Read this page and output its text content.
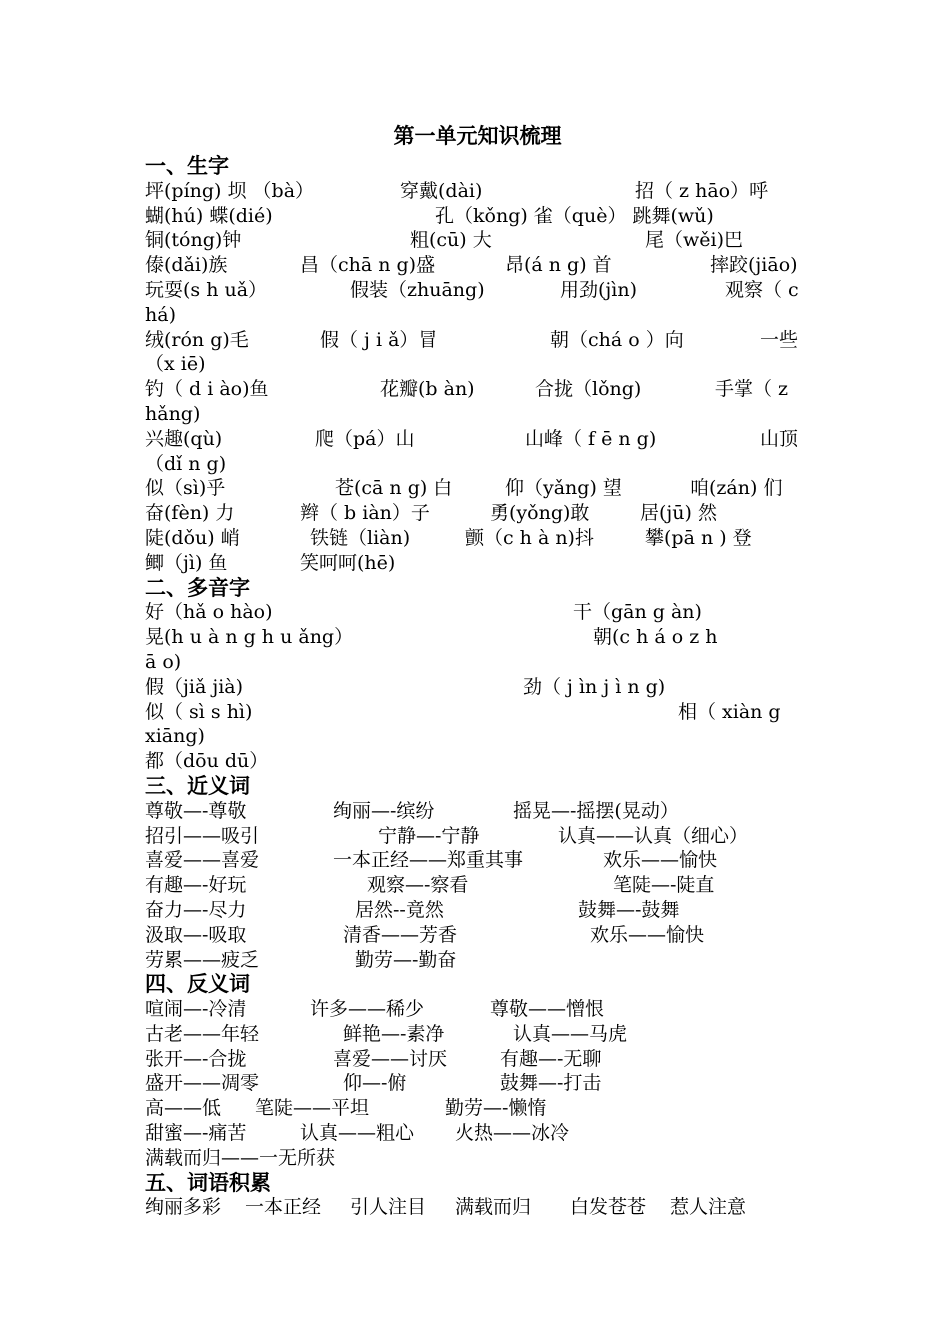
第一单元知识梳理
一、生字
坪(píng) 坝 （bà）	穿戴(dài)	招（ z hāo）呼
蝴(hú) 蝶(dié)	孔（kǒng) 雀（què） 跳舞(wǔ)
铜(tóng)钟	粗(cū) 大	尾（wěi)巴
傣(dǎi)族	昌（chā n g)盛	昂(á n g) 首	摔跤(jiāo)
玩耍(s h uǎ）	假装（zhuāng)	用劲(jìn)	观察（ c
há)
绒(rón g)毛	假（ j i ǎ）冒	朝（chá o ）向	一些
（x iē)
钓（ d i ào)鱼	花瓣(b àn)	合拢（lǒng)	手掌（ z
hǎng)
兴趣(qù)	爬（pá）山	山峰（ f ē n g)	山顶
（dǐ n g)
似（sì)乎	苍(cā n g) 白	仰（yǎng) 望	咱(zán) 们
奋(fèn) 力	辫（ b iàn）子	勇(yǒng)敢	居(jū) 然
陡(dǒu) 峭	铁链（liàn)	颤（c h à n)抖	攀(pā n ) 登
鲫（jì) 鱼	笑呵呵(hē)
二、多音字
好（hǎ o hào)	干（gān g àn)
晃(h u à n g h u ǎng）	朝(c h á o z h
ā o)
假（jiǎ jià)	劲（ j ìn j ì n g)
似（ sì s hì)	相（ xiàn g
xiāng)
都（dōu dū）
三、近义词
尊敬—-尊敬	绚丽—-缤纷	摇晃—-摇摆(晃动）
招引——吸引	宁静—-宁静	认真——认真（细心）
喜爱——喜爱	一本正经——郑重其事	欢乐——愉快
有趣—-好玩	观察—-察看	笔陡—-陡直
奋力—-尽力	居然--竟然	鼓舞—-鼓舞
汲取—-吸取	清香——芳香	欢乐——愉快
劳累——疲乏	勤劳—-勤奋
四、反义词
喧闹—-冷清	许多——稀少	尊敬——憎恨
古老——年轻	鲜艳—-素净	认真——马虎
张开—-合拢	喜爱——讨厌	有趣—-无聊
盛开——凋零	仰—-俯	鼓舞—-打击
高——低 笔陡——平坦	勤劳—-懒惰
甜蜜—-痛苦	认真——粗心 火热——冰冷
满载而归——一无所获
五、词语积累
绚丽多彩 一本正经 引人注目 满载而归 白发苍苍 惹人注意
